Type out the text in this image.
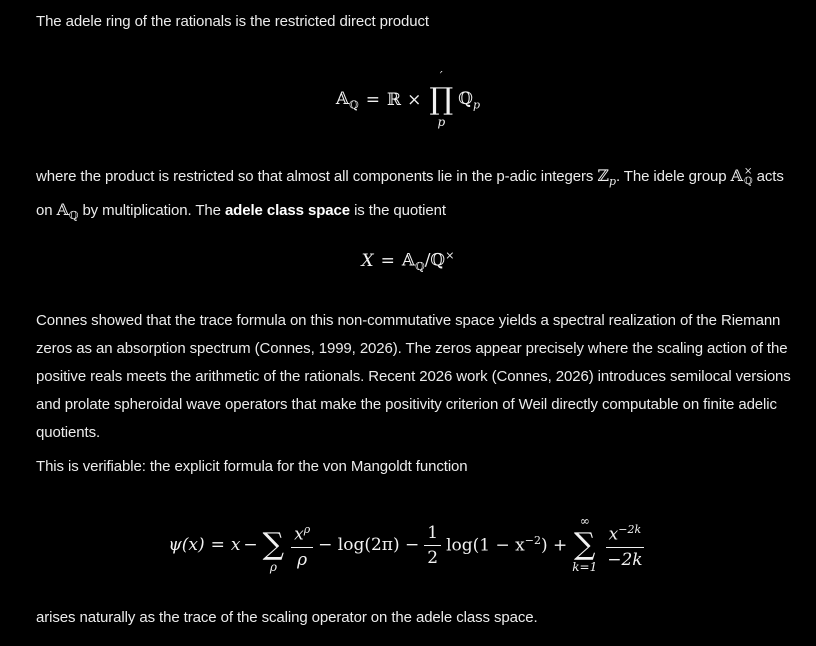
The adele ring of the rationals is the restricted direct product

𝔸$_ℚ$ = ℝ ×
′
∏
p
ℚ$_p$

where the product is restricted so that almost all components lie in the p-adic integers ℤ$_p$. The idele group 𝔸 ×
ℚ acts on 𝔸$_ℚ$ by multiplication. The adele class space is the quotient

X = 𝔸$_ℚ$/ℚ×

Connes showed that the trace formula on this non-commutative space yields a spectral realization of the Riemann zeros as an absorption spectrum (Connes, 1999, 2026). The zeros appear precisely where the scaling action of the positive reals meets the arithmetic of the rationals. Recent 2026 work (Connes, 2026) introduces semilocal versions and prolate spheroidal wave operators that make the positivity criterion of Weil directly computable on finite adelic quotients.

This is verifiable: the explicit formula for the von Mangoldt function

ψ(x) = x − ∑
ρ $\frac{x^\rho}{\rho} - \log(2\pi) - \frac{1}{2} \log(1 - x^{-2})$ +
∞
∑
$k=1 \frac{x^{-2k}}{-2k}$

arises naturally as the trace of the scaling operator on the adele class space.
